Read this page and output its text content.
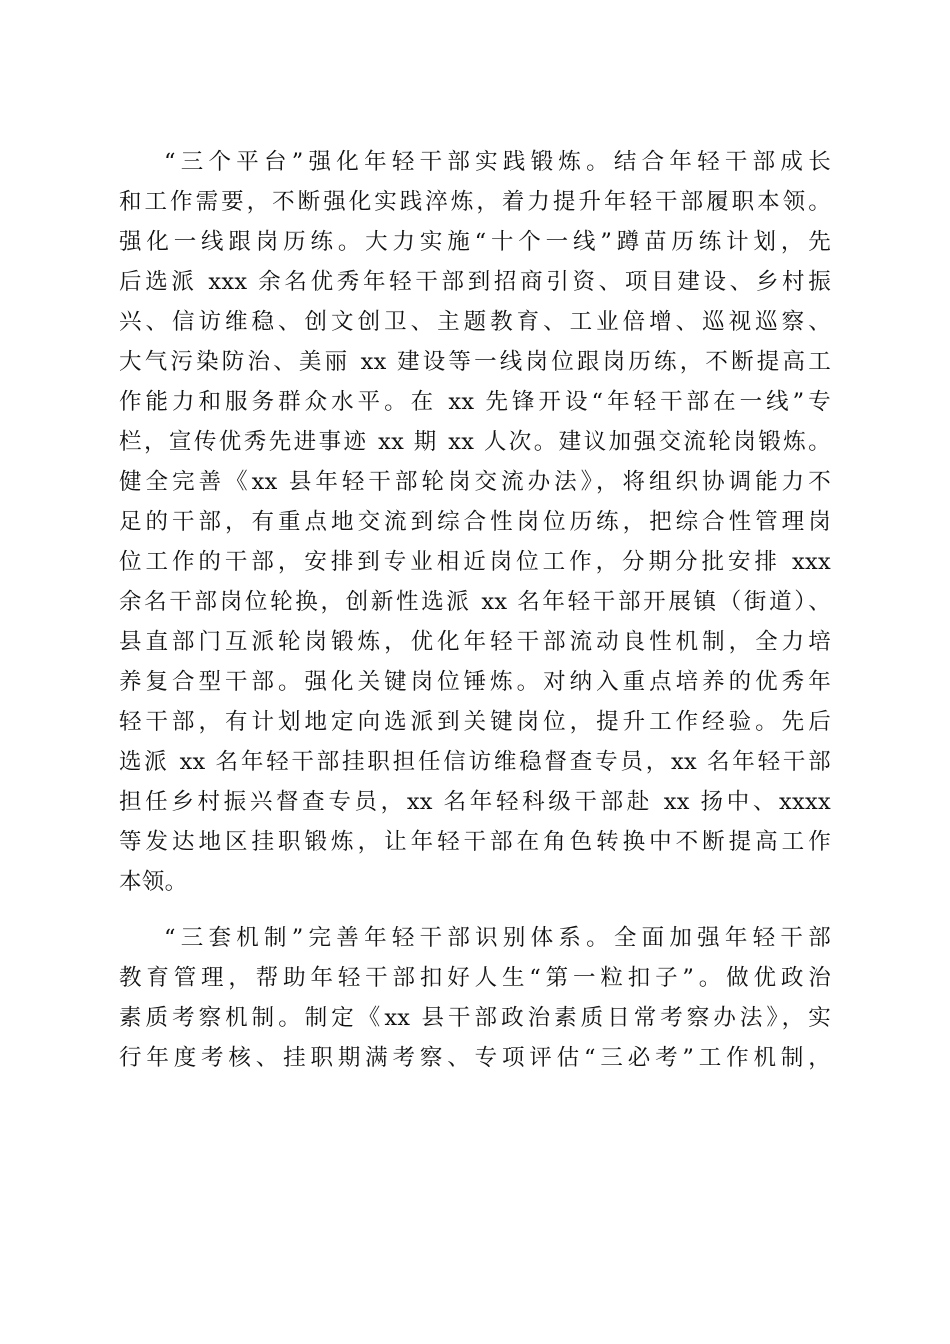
“三个平台”强化年轻干部实践锻炼。结合年轻干部成长
和工作需要，不断强化实践淬炼，着力提升年轻干部履职本领。
强化一线跟岗历练。大力实施“十个一线”蹲苗历练计划，先
后选派 xxx 余名优秀年轻干部到招商引资、项目建设、乡村振
兴、信访维稳、创文创卫、主题教育、工业倍增、巡视巡察、
大气污染防治、美丽 xx 建设等一线岗位跟岗历练，不断提高工
作能力和服务群众水平。在 xx 先锋开设“年轻干部在一线”专
栏，宣传优秀先进事迹 xx 期 xx 人次。建议加强交流轮岗锻炼。
健全完善《xx 县年轻干部轮岗交流办法》，将组织协调能力不
足的干部，有重点地交流到综合性岗位历练，把综合性管理岗
位工作的干部，安排到专业相近岗位工作，分期分批安排 xxx
余名干部岗位轮换，创新性选派 xx 名年轻干部开展镇（街道）、
县直部门互派轮岗锻炼，优化年轻干部流动良性机制，全力培
养复合型干部。强化关键岗位锤炼。对纳入重点培养的优秀年
轻干部，有计划地定向选派到关键岗位，提升工作经验。先后
选派 xx 名年轻干部挂职担任信访维稳督查专员，xx 名年轻干部
担任乡村振兴督查专员，xx 名年轻科级干部赴 xx 扬中、xxxx
等发达地区挂职锻炼，让年轻干部在角色转换中不断提高工作
本领。
“三套机制”完善年轻干部识别体系。全面加强年轻干部
教育管理，帮助年轻干部扣好人生“第一粒扣子”。做优政治
素质考察机制。制定《xx 县干部政治素质日常考察办法》，实
行年度考核、挂职期满考察、专项评估“三必考”工作机制，
